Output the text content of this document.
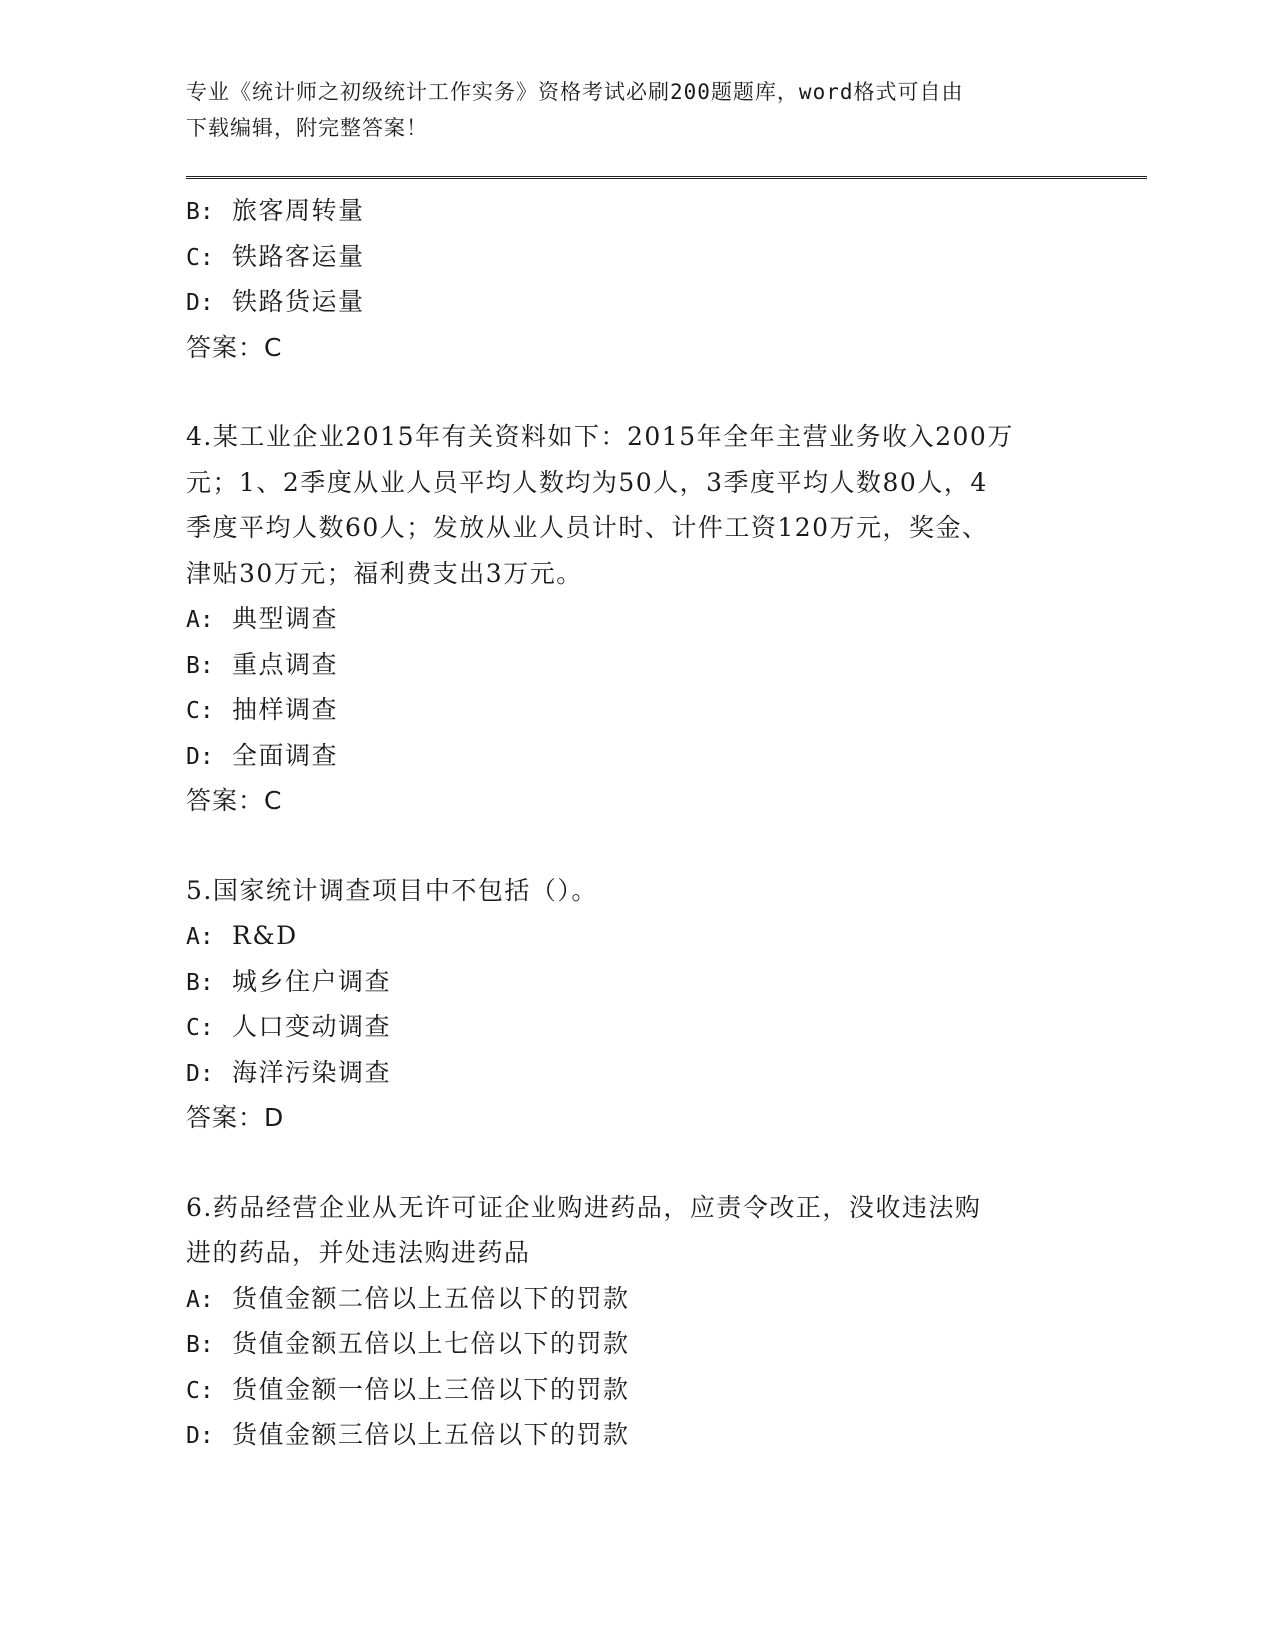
专业《统计师之初级统计工作实务》资格考试必刷200题题库，word格式可自由
下载编辑，附完整答案！
B: 旅客周转量
C: 铁路客运量
D: 铁路货运量
答案：C
4.某工业企业2015年有关资料如下：2015年全年主营业务收入200万
元；1、2季度从业人员平均人数均为50人，3季度平均人数80人，4
季度平均人数60人；发放从业人员计时、计件工资120万元，奖金、
津贴30万元；福利费支出3万元。
A: 典型调查
B: 重点调查
C: 抽样调查
D: 全面调查
答案：C
5.国家统计调查项目中不包括（）。
A: R&D
B: 城乡住户调查
C: 人口变动调查
D: 海洋污染调查
答案：D
6.药品经营企业从无许可证企业购进药品，应责令改正，没收违法购
进的药品，并处违法购进药品
A: 货值金额二倍以上五倍以下的罚款
B: 货值金额五倍以上七倍以下的罚款
C: 货值金额一倍以上三倍以下的罚款
D: 货值金额三倍以上五倍以下的罚款
